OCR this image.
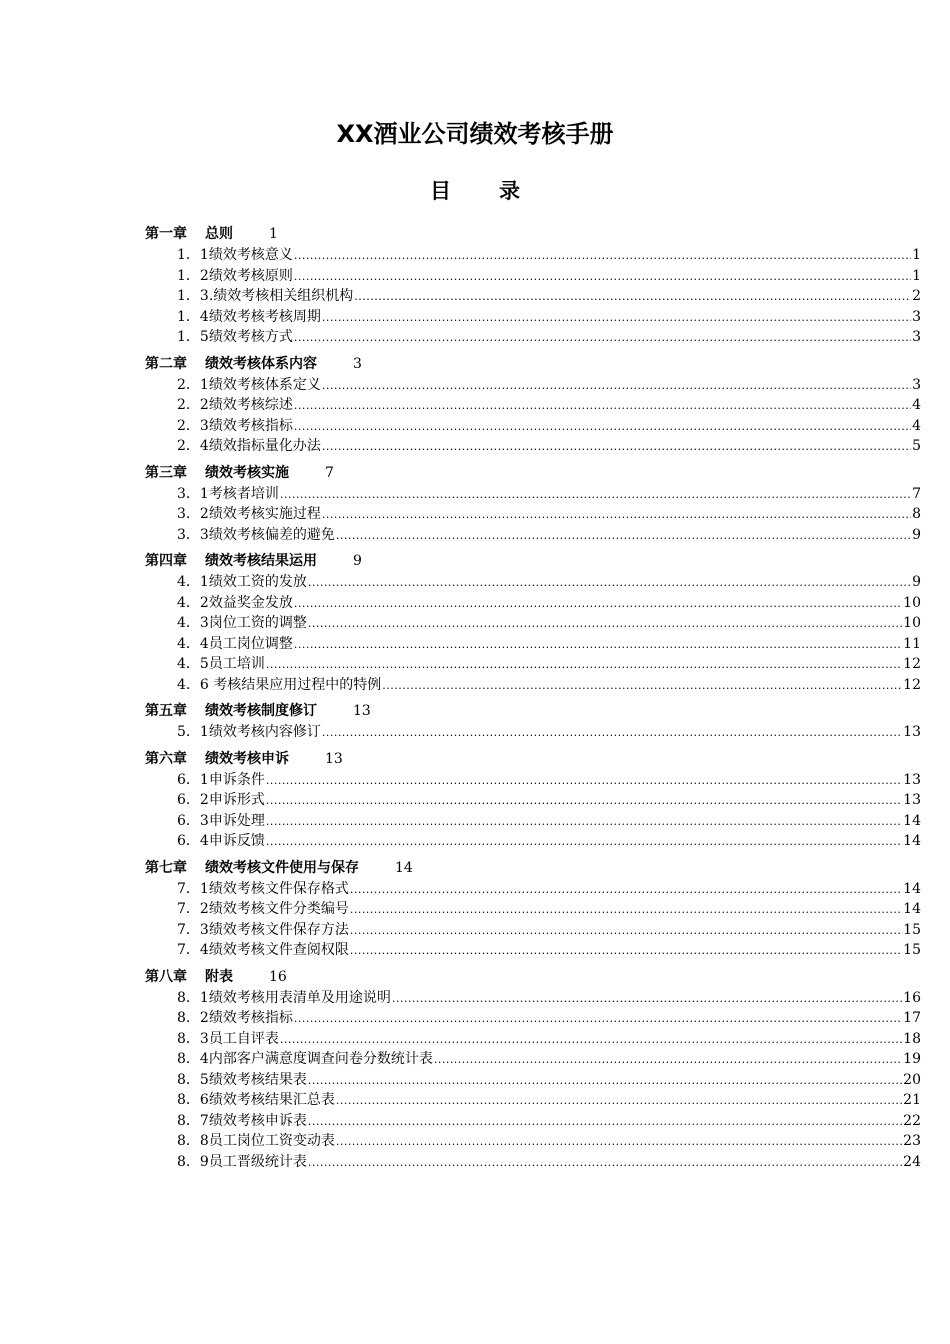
XX酒业公司绩效考核手册
目 录
第一章 总则	1
1．1绩效考核意义 .....	1
1．2绩效考核原则 .....	1
1．3.绩效考核相关组织机构 .....	2
1．4绩效考核考核周期 .....	3
1．5绩效考核方式 .....	3
第二章 绩效考核体系内容	3
2．1绩效考核体系定义 .....	3
2．2绩效考核综述 .....	4
2．3绩效考核指标 .....	4
2．4绩效指标量化办法 .....	5
第三章 绩效考核实施	7
3．1考核者培训 .....	7
3．2绩效考核实施过程 .....	8
3．3绩效考核偏差的避免 .....	9
第四章 绩效考核结果运用	9
4．1绩效工资的发放 .....	9
4．2效益奖金发放 .....	10
4．3岗位工资的调整 .....	10
4．4员工岗位调整 .....	11
4．5员工培训 .....	12
4．6 考核结果应用过程中的特例 .....	12
第五章 绩效考核制度修订	13
5．1绩效考核内容修订 .....	13
第六章 绩效考核申诉	13
6．1申诉条件 .....	13
6．2申诉形式 .....	13
6．3申诉处理 .....	14
6．4申诉反馈 .....	14
第七章 绩效考核文件使用与保存	14
7．1绩效考核文件保存格式 .....	14
7．2绩效考核文件分类编号 .....	14
7．3绩效考核文件保存方法 .....	15
7．4绩效考核文件查阅权限 .....	15
第八章 附表	16
8．1绩效考核用表清单及用途说明 .....	16
8．2绩效考核指标 .....	17
8．3员工自评表 .....	18
8．4内部客户满意度调查问卷分数统计表 .....	19
8．5绩效考核结果表 .....	20
8．6绩效考核结果汇总表 .....	21
8．7绩效考核申诉表 .....	22
8．8员工岗位工资变动表 .....	23
8．9员工晋级统计表 .....	24
